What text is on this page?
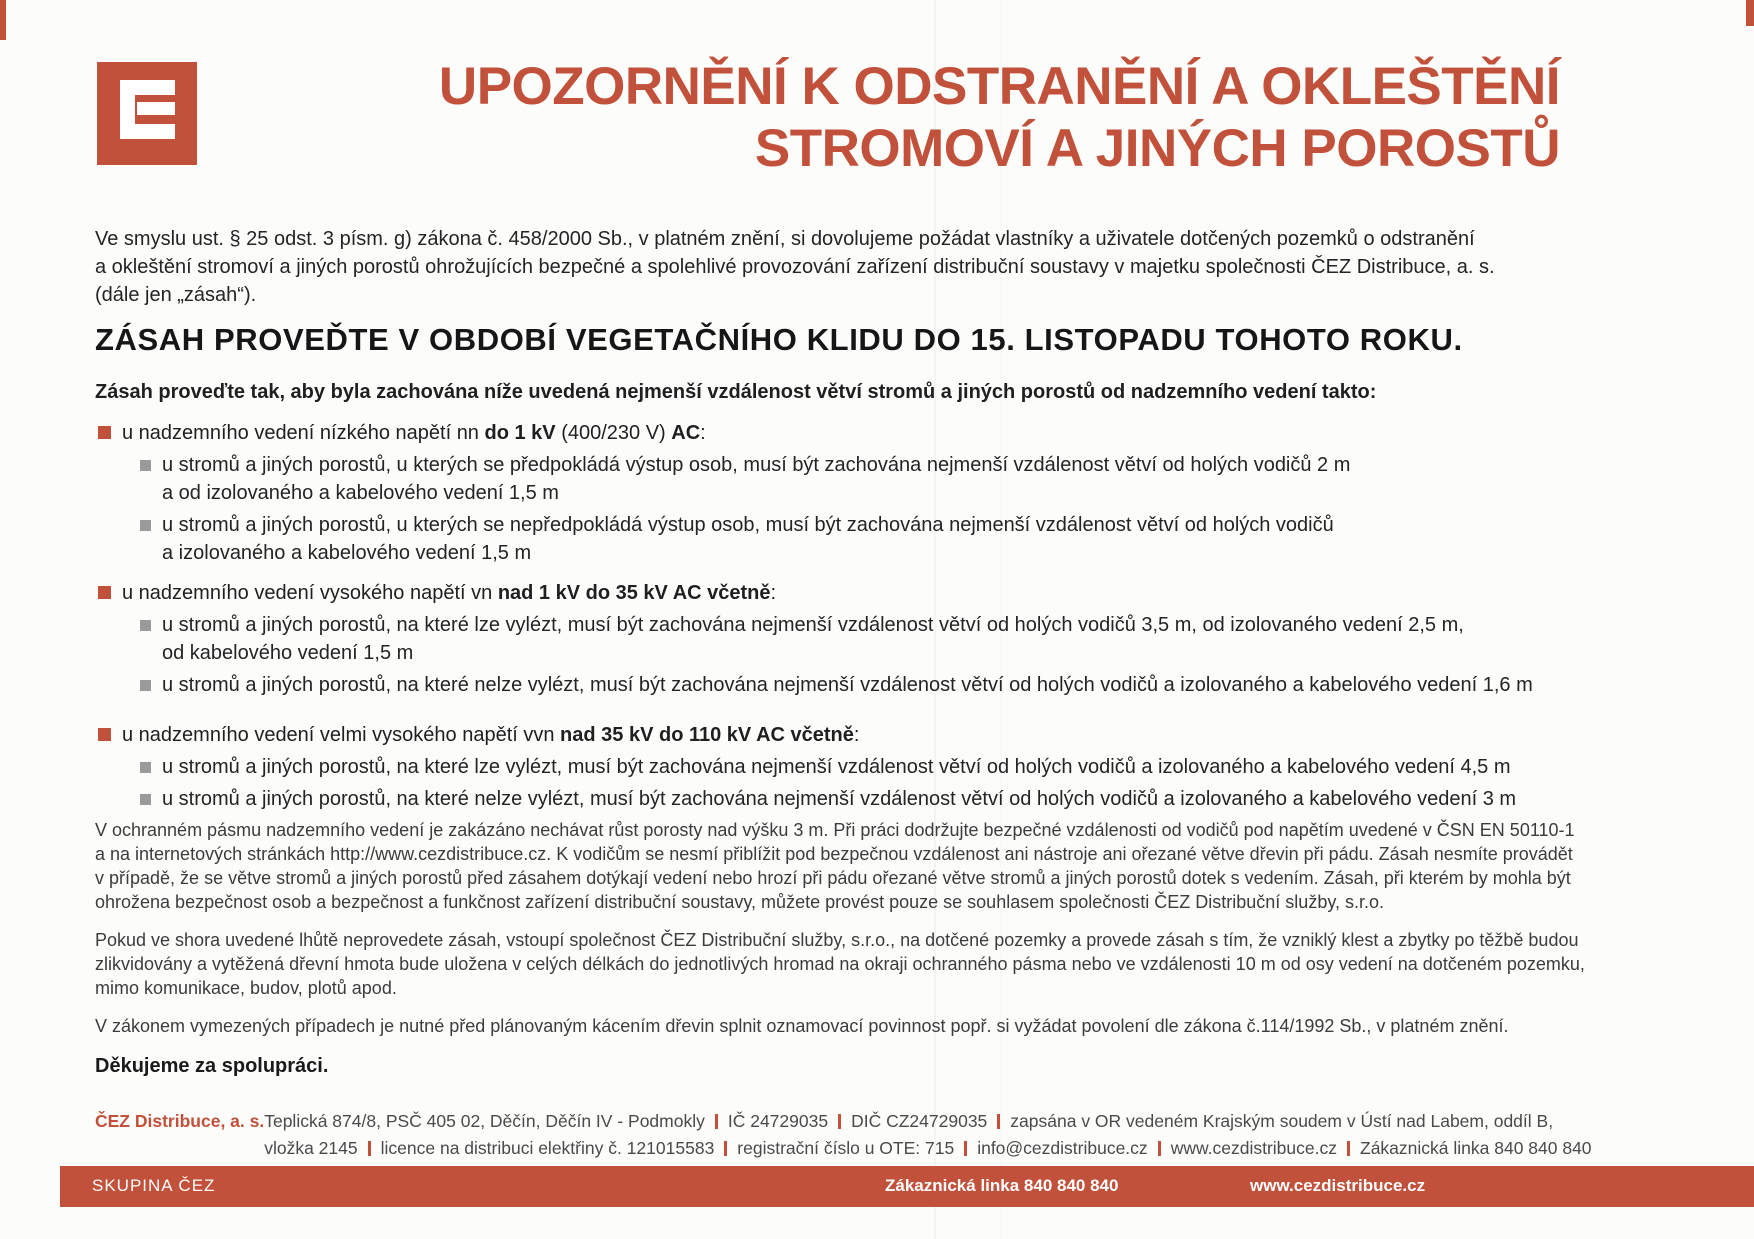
UPOZORNĚNÍ K ODSTRANĚNÍ A OKLEŠTĚNÍ
STROMOVÍ A JINÝCH POROSTŮ
Ve smyslu ust. § 25 odst. 3 písm. g) zákona č. 458/2000 Sb., v platném znění, si dovolujeme požádat vlastníky a uživatele dotčených pozemků o odstranění
a okleštění stromoví a jiných porostů ohrožujících bezpečné a spolehlivé provozování zařízení distribuční soustavy v majetku společnosti ČEZ Distribuce, a. s.
(dále jen „zásah“).
ZÁSAH PROVEĎTE V OBDOBÍ VEGETAČNÍHO KLIDU DO 15. LISTOPADU TOHOTO ROKU.
Zásah proveďte tak, aby byla zachována níže uvedená nejmenší vzdálenost větví stromů a jiných porostů od nadzemního vedení takto:
u nadzemního vedení nízkého napětí nn do 1 kV (400/230 V) AC:
u stromů a jiných porostů, u kterých se předpokládá výstup osob, musí být zachována nejmenší vzdálenost větví od holých vodičů 2 m
a od izolovaného a kabelového vedení 1,5 m
u stromů a jiných porostů, u kterých se nepředpokládá výstup osob, musí být zachována nejmenší vzdálenost větví od holých vodičů
a izolovaného a kabelového vedení 1,5 m
u nadzemního vedení vysokého napětí vn nad 1 kV do 35 kV AC včetně:
u stromů a jiných porostů, na které lze vylézt, musí být zachována nejmenší vzdálenost větví od holých vodičů 3,5 m, od izolovaného vedení 2,5 m,
od kabelového vedení 1,5 m
u stromů a jiných porostů, na které nelze vylézt, musí být zachována nejmenší vzdálenost větví od holých vodičů a izolovaného a kabelového vedení 1,6 m
u nadzemního vedení velmi vysokého napětí vvn nad 35 kV do 110 kV AC včetně:
u stromů a jiných porostů, na které lze vylézt, musí být zachována nejmenší vzdálenost větví od holých vodičů a izolovaného a kabelového vedení 4,5 m
u stromů a jiných porostů, na které nelze vylézt, musí být zachována nejmenší vzdálenost větví od holých vodičů a izolovaného a kabelového vedení 3 m
V ochranném pásmu nadzemního vedení je zakázáno nechávat růst porosty nad výšku 3 m. Při práci dodržujte bezpečné vzdálenosti od vodičů pod napětím uvedené v ČSN EN 50110-1
a na internetových stránkách http://www.cezdistribuce.cz. K vodičům se nesmí přiblížit pod bezpečnou vzdálenost ani nástroje ani ořezané větve dřevin při pádu. Zásah nesmíte provádět
v případě, že se větve stromů a jiných porostů před zásahem dotýkají vedení nebo hrozí při pádu ořezané větve stromů a jiných porostů dotek s vedením. Zásah, při kterém by mohla být
ohrožena bezpečnost osob a bezpečnost a funkčnost zařízení distribuční soustavy, můžete provést pouze se souhlasem společnosti ČEZ Distribuční služby, s.r.o.
Pokud ve shora uvedené lhůtě neprovedete zásah, vstoupí společnost ČEZ Distribuční služby, s.r.o., na dotčené pozemky a provede zásah s tím, že vzniklý klest a zbytky po těžbě budou
zlikvidovány a vytěžená dřevní hmota bude uložena v celých délkách do jednotlivých hromad na okraji ochranného pásma nebo ve vzdálenosti 10 m od osy vedení na dotčeném pozemku,
mimo komunikace, budov, plotů apod.
V zákonem vymezených případech je nutné před plánovaným kácením dřevin splnit oznamovací povinnost popř. si vyžádat povolení dle zákona č.114/1992 Sb., v platném znění.
Děkujeme za spolupráci.
ČEZ Distribuce, a. s. Teplická 874/8, PSČ 405 02, Děčín, Děčín IV - Podmokly IČ 24729035 DIČ CZ24729035 zapsána v OR vedeném Krajským soudem v Ústí nad Labem, oddíl B,
vložka 2145 licence na distribuci elektřiny č. 121015583 registrační číslo u OTE: 715 info@cezdistribuce.cz www.cezdistribuce.cz Zákaznická linka 840 840 840
SKUPINA ČEZ	Zákaznická linka 840 840 840	www.cezdistribuce.cz
